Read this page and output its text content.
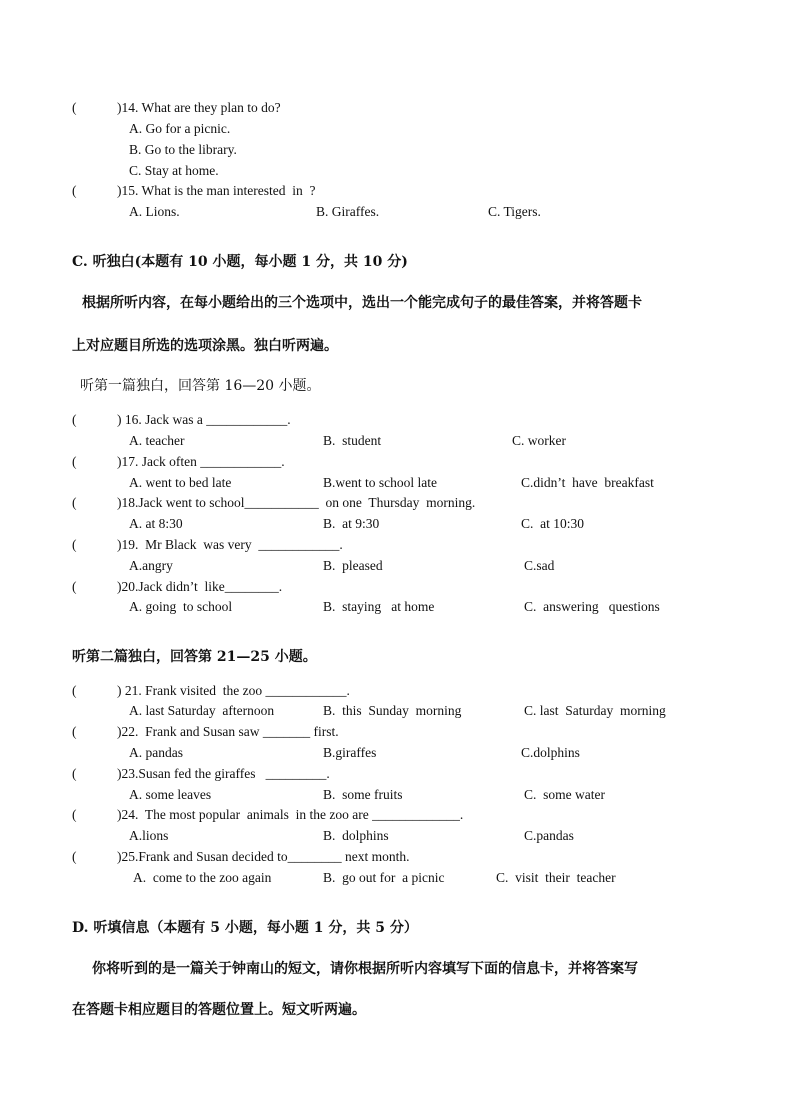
(	)14. What are they plan to do?
A. Go for a picnic.
B. Go to the library.
C. Stay at home.
(	)15. What is the man interested  in  ?
A. Lions.	B. Giraffes.	C. Tigers.
C. 听独白(本题有 10 小题，每小题 1 分，共 10 分)
根据所听内容，在每小题给出的三个选项中，选出一个能完成句子的最佳答案，并将答题卡
上对应题目所选的选项涂黑。独白听两遍。
听第一篇独白，回答第 16—20 小题。
(	) 16. Jack was a ____________.
A. teacher	B.  student	C. worker
(	)17. Jack often ____________.
A. went to bed late	B.went to school late	C.didn’t  have  breakfast
(	)18.Jack went to school___________  on one  Thursday  morning.
A. at 8:30	B.  at 9:30	C.  at 10:30
(	)19.  Mr Black  was very  ____________.
A.angry	B.  pleased	C.sad
(	)20.Jack didn’t  like________.
A. going  to school	B.  staying   at home	C.  answering   questions
听第二篇独白，回答第 21—25 小题。
(	) 21. Frank visited  the zoo ____________.
A. last Saturday  afternoon	B.  this  Sunday  morning	C. last  Saturday  morning
(	)22.  Frank and Susan saw _______ first.
A. pandas	B.giraffes	C.dolphins
(	)23.Susan fed the giraffes   _________.
A. some leaves	B.  some fruits	C.  some water
(	)24.  The most popular  animals  in the zoo are _____________.
A.lions	B.  dolphins	C.pandas
(	)25.Frank and Susan decided to________ next month.
A.  come to the zoo again	B.  go out for  a picnic	C.  visit  their  teacher
D. 听填信息（本题有 5 小题，每小题 1 分，共 5 分）
你将听到的是一篇关于钟南山的短文，请你根据所听内容填写下面的信息卡，并将答案写
在答题卡相应题目的答题位置上。短文听两遍。
